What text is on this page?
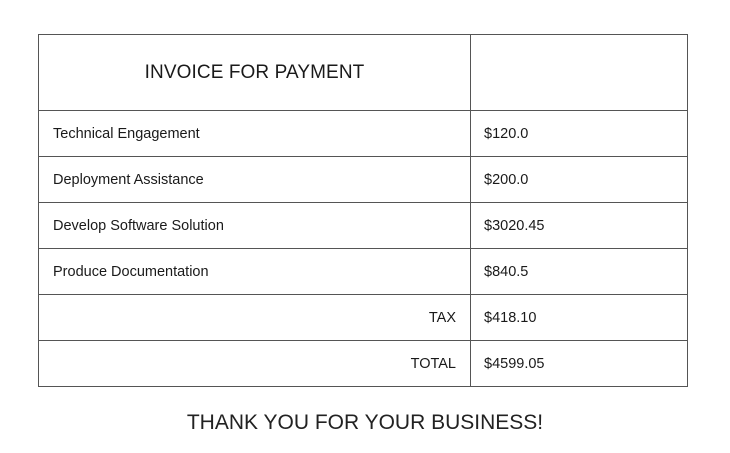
INVOICE FOR PAYMENT	
Technical Engagement	$120.0
Deployment Assistance	$200.0
Develop Software Solution	$3020.45
Produce Documentation	$840.5
TAX	$418.10
TOTAL	$4599.05
THANK YOU FOR YOUR BUSINESS!
